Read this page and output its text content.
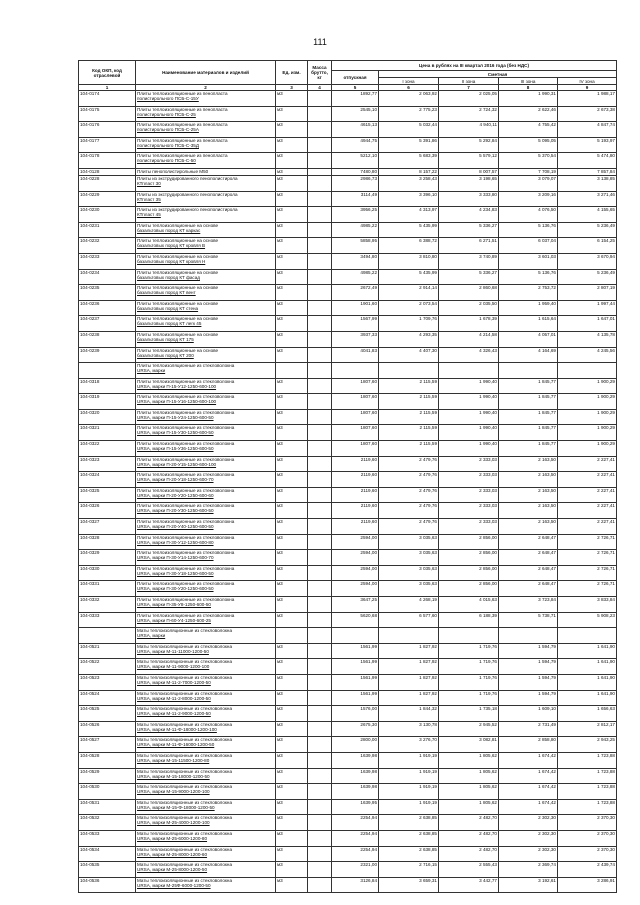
111
Код ОКП, код отраслевой	Наименование материалов и изделий	Ед. изм.	Масса брутто, кг	Цена в рублях на III квартал 2016 года (без НДС)				
				отпускная	Сметная			
					I зона	II зона	III зона	IV зона
1	2	3	4	5	6	7	8	9
104-0174	Плиты теплоизоляционные из пенопласта
полистирольного ПСБ-С-15У	м3		1892,77	2 063,92	2 025,05	1 990,31	1 988,17
104-0175	Плиты теплоизоляционные из пенопласта
полистирольного ПСБ-С-25	м3		2545,10	2 775,23	2 724,32	2 622,46	2 673,38
104-0176	Плиты теплоизоляционные из пенопласта
полистирольного ПСБ-С-25А	м3		4615,13	5 032,44	4 940,11	4 755,42	4 847,74
104-0177	Плиты теплоизоляционные из пенопласта
полистирольного ПСБ-С-35Д	м3		4944,75	5 391,86	5 292,84	5 095,05	5 193,97
104-0178	Плиты теплоизоляционные из пенопласта
полистирольного ПСБ-С-50	м3		5212,10	5 683,39	5 579,12	5 370,54	5 474,80
104-0128	Плиты пенополистирольные М50	м3		7480,80	8 157,22	8 007,57	7 708,19	7 857,84
104-0228	Плиты из экструдированного пенополистирола
КТпласт 30	м3		2986,73	3 258,43	3 198,65	3 079,07	3 138,85
104-0229	Плиты из экструдированного пенополистирола
КТпласт 35	м3		3114,49	3 396,10	3 333,80	3 209,16	3 271,46
104-0230	Плиты из экструдированного пенополистирола
КТпласт 45	м3		3956,25	4 313,97	4 234,83	4 076,50	4 155,65
104-0231	Плиты теплоизоляционные на основе
базальтовых пород КТ каркас	м3		4985,22	5 435,99	5 336,27	5 136,76	5 236,49
104-0232	Плиты теплоизоляционные на основе
базальтовых пород КТ кровля В	м3		5858,95	6 388,72	6 271,51	6 037,04	6 154,25
104-0233	Плиты теплоизоляционные на основе
базальтовых пород КТ кровля Н	м3		3494,80	3 810,80	3 740,89	3 601,03	3 670,94
104-0234	Плиты теплоизоляционные на основе
базальтовых пород КТ фасад	м3		4985,22	5 435,99	5 336,27	5 136,76	5 236,49
104-0235	Плиты теплоизоляционные на основе
базальтовых пород КТ вент	м3		2672,49	2 914,14	2 860,68	2 753,72	2 807,19
104-0236	Плиты теплоизоляционные на основе
базальтовых пород КТ стена	м3		1901,60	2 073,54	2 035,50	1 959,40	1 997,44
104-0237	Плиты теплоизоляционные на основе
базальтовых пород КТ легк 45	м3		1567,99	1 709,76	1 678,39	1 615,64	1 647,01
104-0238	Плиты теплоизоляционные на основе
базальтовых пород КТ 175	м3		3937,33	4 293,35	4 214,58	4 057,01	4 135,78
104-0239	Плиты теплоизоляционные на основе
базальтовых пород КТ 200	м3		4041,83	4 407,30	4 326,43	4 164,69	4 245,56

	Плиты теплоизоляционные из стекловолокна
URSA, марки							

104-0318	Плиты теплоизоляционные из стекловолокна
URSA, марки П-15-У12-1250-600-100	м3		1807,60	2 115,59	1 990,40	1 845,77	1 900,29
104-0319	Плиты теплоизоляционные из стекловолокна
URSA, марки П-15-У16-1250-600-100	м3		1807,60	2 115,59	1 990,40	1 845,77	1 900,29
104-0320	Плиты теплоизоляционные из стекловолокна
URSA, марки П-15-У24-1250-600-50	м3		1807,60	2 115,59	1 990,40	1 845,77	1 900,29
104-0321	Плиты теплоизоляционные из стекловолокна
URSA, марки П-15-У30-1250-600-50	м3		1807,60	2 115,59	1 990,40	1 845,77	1 900,29
104-0322	Плиты теплоизоляционные из стекловолокна
URSA, марки П-15-У36-1250-600-50	м3		1807,60	2 115,59	1 990,40	1 845,77	1 900,29
104-0323	Плиты теплоизоляционные из стекловолокна
URSA, марки П-20-У15-1250-600-100	м3		2119,60	2 479,76	2 333,03	2 163,50	2 227,41
104-0324	Плиты теплоизоляционные из стекловолокна
URSA, марки П-20-У18-1250-600-70	м3		2119,60	2 479,76	2 333,03	2 163,50	2 227,41
104-0325	Плиты теплоизоляционные из стекловолокна
URSA, марки П-20-У20-1250-600-60	м3		2119,60	2 479,76	2 333,03	2 163,50	2 227,41
104-0326	Плиты теплоизоляционные из стекловолокна
URSA, марки П-20-У30-1250-600-50	м3		2119,60	2 479,76	2 333,03	2 163,50	2 227,41
104-0327	Плиты теплоизоляционные из стекловолокна
URSA, марки П-20-У40-1250-600-50	м3		2119,60	2 479,76	2 333,03	2 163,50	2 227,41
104-0328	Плиты теплоизоляционные из стекловолокна
URSA, марки П-30-У12-1250-600-80	м3		2594,00	3 035,63	2 856,00	2 648,47	2 726,71
104-0329	Плиты теплоизоляционные из стекловолокна
URSA, марки П-30-У14-1250-600-70	м3		2594,00	3 035,63	2 856,00	2 648,47	2 726,71
104-0330	Плиты теплоизоляционные из стекловолокна
URSA, марки П-30-У18-1250-600-50	м3		2594,00	3 035,63	2 856,00	2 648,47	2 726,71
104-0331	Плиты теплоизоляционные из стекловолокна
URSA, марки П-30-У20-1250-600-50	м3		2594,00	3 035,63	2 856,00	2 648,47	2 726,71
104-0332	Плиты теплоизоляционные из стекловолокна
URSA, марки П-35-У8-1250-600-50	м3		3647,25	4 268,19	4 015,63	3 723,84	3 833,84
104-0333	Плиты теплоизоляционные из стекловолокна
URSA, марки П-60-У4-1250-600-25	м3		5620,68	6 577,60	6 188,39	5 738,71	5 908,23

	Маты теплоизоляционные из стекловолокна
URSA, марки							

104-0521	Маты теплоизоляционные из стекловолокна
URSA, марки М-11-11000-1200-50	м3		1561,99	1 827,92	1 719,76	1 594,79	1 641,90
104-0522	Маты теплоизоляционные из стекловолокна
URSA, марки М-11-9000-1200-100	м3		1561,99	1 827,92	1 719,76	1 594,79	1 641,90
104-0523	Маты теплоизоляционные из стекловолокна
URSA, марки М-11-2-7000-1200-50	м3		1561,99	1 827,92	1 719,76	1 594,79	1 641,90
104-0524	Маты теплоизоляционные из стекловолокна
URSA, марки М-11-2-8000-1200-50	м3		1561,99	1 827,92	1 719,76	1 594,79	1 641,90
104-0525	Маты теплоизоляционные из стекловолокна
URSA, марки М-11-2-9000-1200-50	м3		1576,00	1 844,32	1 735,18	1 609,10	1 656,63
104-0526	Маты теплоизоляционные из стекловолокна
URSA, марки М-11-Ф-18000-1200-100	м3		2675,30	3 130,78	2 945,52	2 731,49	2 812,17
104-0527	Маты теплоизоляционные из стекловолокна
URSA, марки М-11-Ф-16000-1200-50	м3		2800,00	3 276,70	3 082,81	2 858,80	2 943,25
104-0528	Маты теплоизоляционные из стекловолокна
URSA, марки М-15-11500-1200-80	м3		1639,98	1 919,19	1 805,62	1 674,42	1 723,88
104-0529	Маты теплоизоляционные из стекловолокна
URSA, марки М-15-18000-1200-50	м3		1639,98	1 919,19	1 805,62	1 674,42	1 723,88
104-0530	Маты теплоизоляционные из стекловолокна
URSA, марки М-15-9000-1200-100	м3		1639,98	1 919,19	1 805,62	1 674,42	1 723,88
104-0531	Маты теплоизоляционные из стекловолокна
URSA, марки М-15-Ф-18000-1200-50	м3		1639,95	1 919,19	1 805,62	1 674,42	1 723,88
104-0532	Маты теплоизоляционные из стекловолокна
URSA, марки М-25-4000-1200-100	м3		2254,94	2 638,85	2 482,70	2 302,30	2 370,30
104-0533	Маты теплоизоляционные из стекловолокна
URSA, марки М-25-6000-1200-80	м3		2254,94	2 638,85	2 482,70	2 302,30	2 370,30
104-0534	Маты теплоизоляционные из стекловолокна
URSA, марки М-25-8000-1200-60	м3		2254,94	2 638,85	2 482,70	2 302,30	2 370,30
104-0535	Маты теплоизоляционные из стекловолокна
URSA, марки М-25-8000-1200-50	м3		2321,00	2 716,15	2 555,43	2 369,74	2 439,74
104-0536	Маты теплоизоляционные из стекловолокна
URSA, марки М-25Ф-6000-1200-50	м3		3126,84	3 659,31	3 442,77	3 192,61	3 286,91
